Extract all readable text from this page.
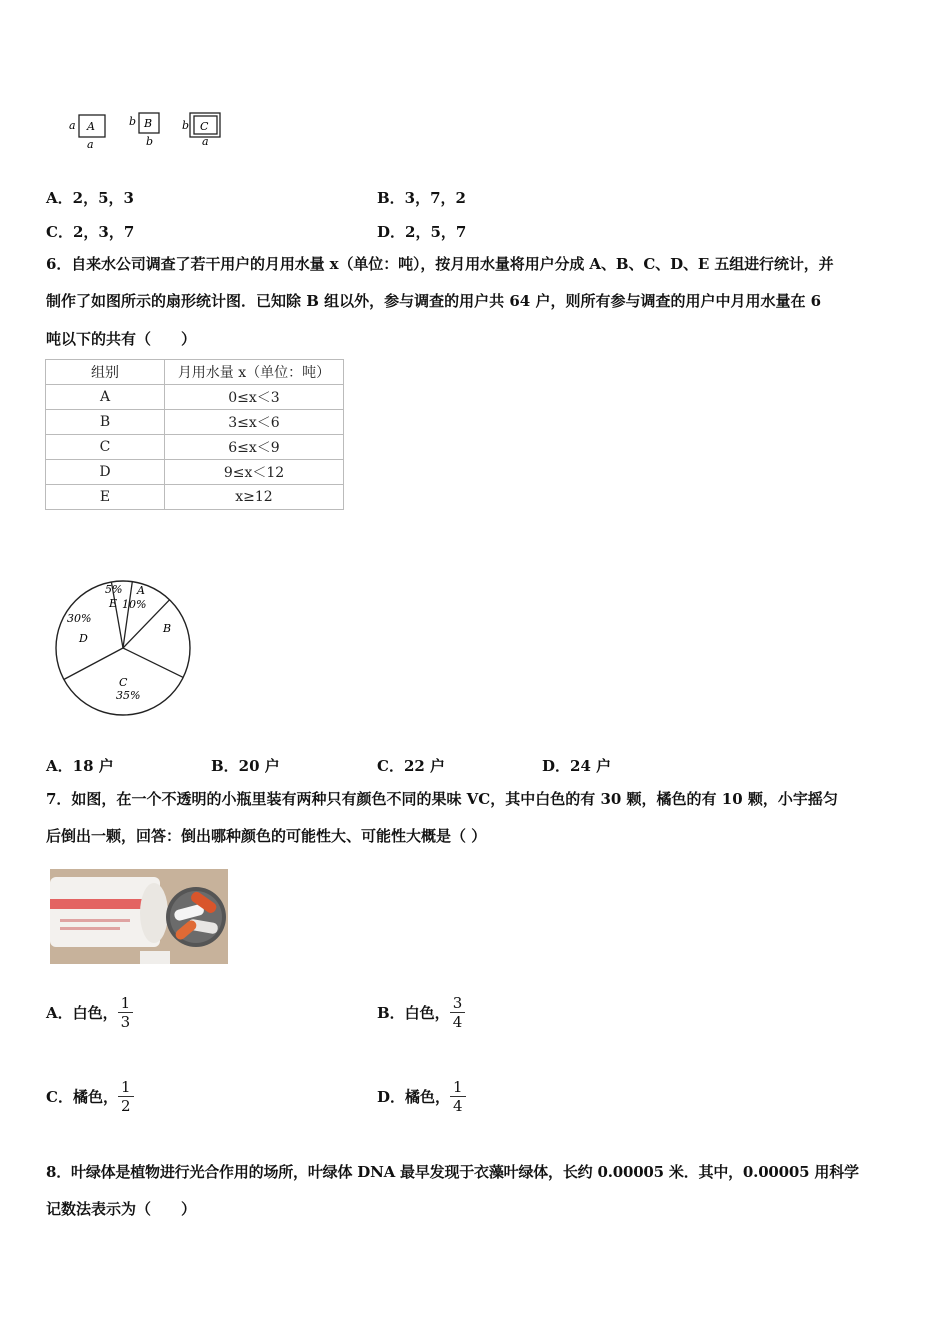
a A
a
b B
b
b C
a
A．2，5，3	B．3，7，2
C．2，3，7	D．2，5，7
6．自来水公司调查了若干用户的月用水量 x（单位：吨），按月用水量将用户分成 A、B、C、D、E 五组进行统计，并
制作了如图所示的扇形统计图．已知除 B 组以外，参与调查的用户共 64 户，则所有参与调查的用户中月用水量在 6
吨以下的共有（　　）
组别	月用水量 x（单位：吨）
A	0≤x＜3
B	3≤x＜6
C	6≤x＜9
D	9≤x＜12
E	x≥12
5%
E
A
10%
30%
D
B
C
35%
A．18 户	B．20 户	C．22 户	D．24 户
7．如图，在一个不透明的小瓶里装有两种只有颜色不同的果味 VC，其中白色的有 30 颗，橘色的有 10 颗，小宇摇匀
后倒出一颗，回答：倒出哪种颜色的可能性大、可能性大概是（ ）
A．白色， $\frac{1}{3}$	B．白色， $\frac{3}{4}$
C．橘色， $\frac{1}{2}$	D．橘色， $\frac{1}{4}$
8．叶绿体是植物进行光合作用的场所，叶绿体 DNA 最早发现于衣藻叶绿体，长约 0.00005 米．其中，0.00005 用科学
记数法表示为（　　）
